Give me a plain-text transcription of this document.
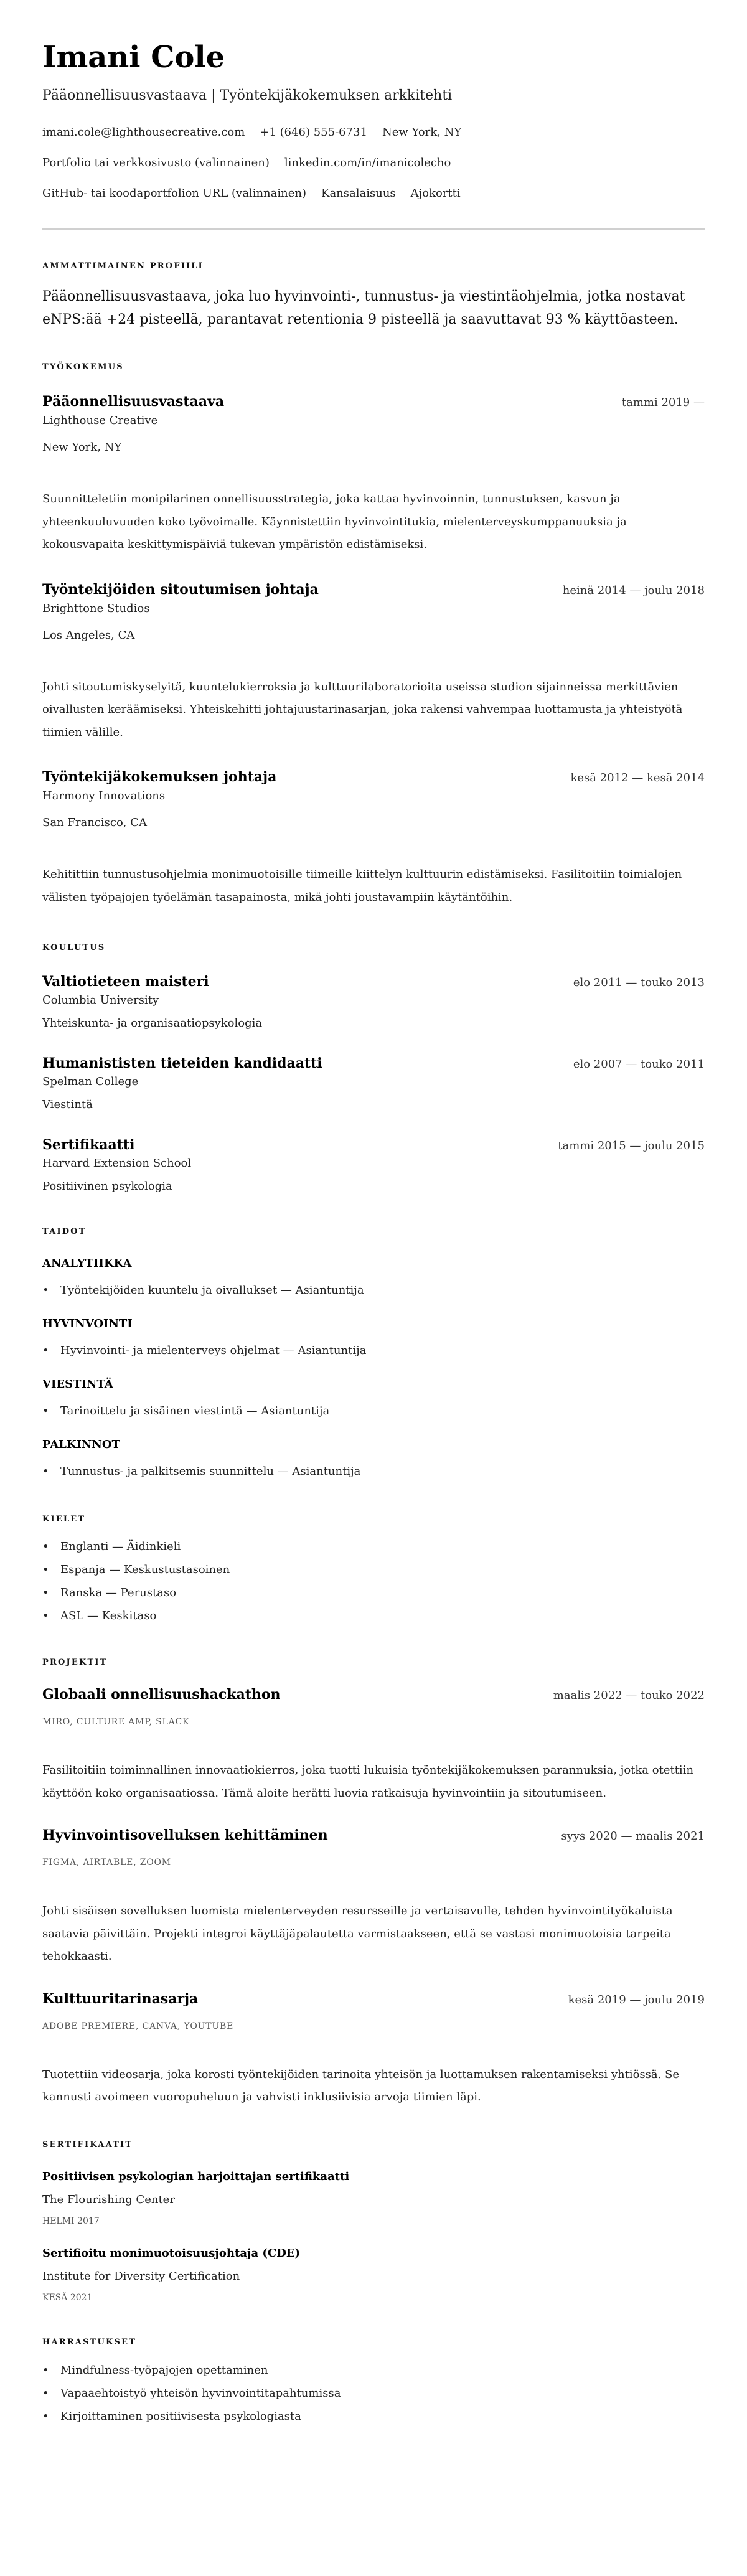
Imani Cole
Pääonnellisuusvastaava | Työntekijäkokemuksen arkkitehti
imani.cole@lighthousecreative.com +1 (646) 555-6731 New York, NY
Portfolio tai verkkosivusto (valinnainen) linkedin.com/in/imanicolecho
GitHub- tai koodaportfolion URL (valinnainen) Kansalaisuus Ajokortti
AMMATTIMAINEN PROFIILI

Pääonnellisuusvastaava, joka luo hyvinvointi-, tunnustus- ja viestintäohjelmia, jotka nostavat eNPS:ää +24 pisteellä, parantavat retentionia 9 pisteellä ja saavuttavat 93 % käyttöasteen.

TYÖKOKEMUS
Pääonnellisuusvastaava	tammi 2019 —
Lighthouse Creative
New York, NY

Suunnitteletiin monipilarinen onnellisuusstrategia, joka kattaa hyvinvoinnin, tunnustuksen, kasvun ja yhteenkuuluvuuden koko työvoimalle. Käynnistettiin hyvinvointitukia, mielenterveyskumppanuuksia ja kokousvapaita keskittymispäiviä tukevan ympäristön edistämiseksi.

Työntekijöiden sitoutumisen johtaja	heinä 2014 — joulu 2018
Brighttone Studios
Los Angeles, CA

Johti sitoutumiskyselyitä, kuuntelukierroksia ja kulttuurilaboratorioita useissa studion sijainneissa merkittävien oivallusten keräämiseksi. Yhteiskehitti johtajuustarinasarjan, joka rakensi vahvempaa luottamusta ja yhteistyötä tiimien välille.

Työntekijäkokemuksen johtaja	kesä 2012 — kesä 2014
Harmony Innovations
San Francisco, CA

Kehitittiin tunnustusohjelmia monimuotoisille tiimeille kiittelyn kulttuurin edistämiseksi. Fasilitoitiin toimialojen välisten työpajojen työelämän tasapainosta, mikä johti joustavampiin käytäntöihin.

KOULUTUS
Valtiotieteen maisteri	elo 2011 — touko 2013
Columbia University
Yhteiskunta- ja organisaatiopsykologia
Humanististen tieteiden kandidaatti	elo 2007 — touko 2011
Spelman College
Viestintä
Sertifikaatti	tammi 2015 — joulu 2015
Harvard Extension School
Positiivinen psykologia
TAIDOT
ANALYTIIKKA
• Työntekijöiden kuuntelu ja oivallukset — Asiantuntija
HYVINVOINTI
• Hyvinvointi- ja mielenterveys ohjelmat — Asiantuntija
VIESTINTÄ
• Tarinoittelu ja sisäinen viestintä — Asiantuntija
PALKINNOT
• Tunnustus- ja palkitsemis suunnittelu — Asiantuntija
KIELET
• Englanti — Äidinkieli
• Espanja — Keskustustasoinen
• Ranska — Perustaso
• ASL — Keskitaso
PROJEKTIT
Globaali onnellisuushackathon	maalis 2022 — touko 2022
MIRO, CULTURE AMP, SLACK

Fasilitoitiin toiminnallinen innovaatiokierros, joka tuotti lukuisia työntekijäkokemuksen parannuksia, jotka otettiin käyttöön koko organisaatiossa. Tämä aloite herätti luovia ratkaisuja hyvinvointiin ja sitoutumiseen.

Hyvinvointisovelluksen kehittäminen	syys 2020 — maalis 2021
FIGMA, AIRTABLE, ZOOM

Johti sisäisen sovelluksen luomista mielenterveyden resursseille ja vertaisavulle, tehden hyvinvointityökaluista saatavia päivittäin. Projekti integroi käyttäjäpalautetta varmistaakseen, että se vastasi monimuotoisia tarpeita tehokkaasti.

Kulttuuritarinasarja	kesä 2019 — joulu 2019
ADOBE PREMIERE, CANVA, YOUTUBE

Tuotettiin videosarja, joka korosti työntekijöiden tarinoita yhteisön ja luottamuksen rakentamiseksi yhtiössä. Se kannusti avoimeen vuoropuheluun ja vahvisti inklusiivisia arvoja tiimien läpi.

SERTIFIKAATIT
Positiivisen psykologian harjoittajan sertifikaatti
The Flourishing Center
HELMI 2017
Sertifioitu monimuotoisuusjohtaja (CDE)
Institute for Diversity Certification
KESÄ 2021
HARRASTUKSET
• Mindfulness-työpajojen opettaminen
• Vapaaehtoistyö yhteisön hyvinvointitapahtumissa
• Kirjoittaminen positiivisesta psykologiasta
